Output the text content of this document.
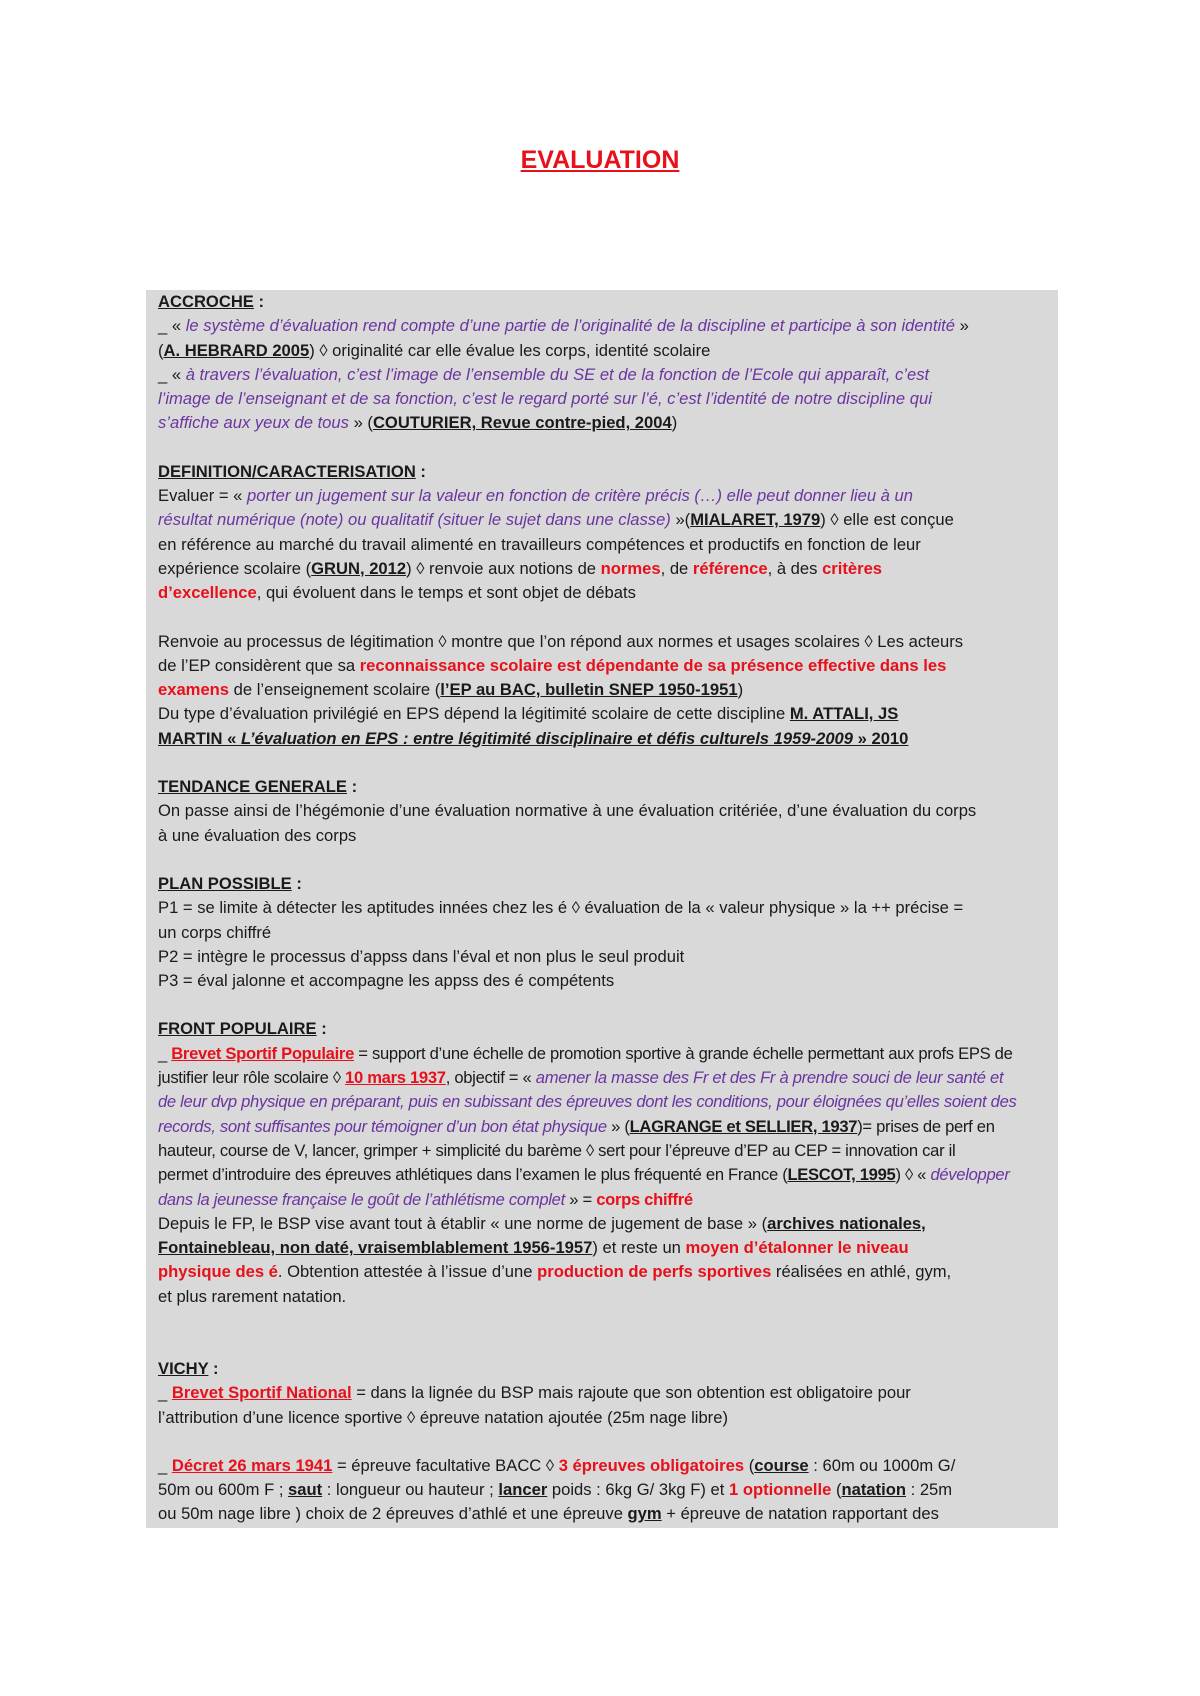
EVALUATION

ACCROCHE :

_ « le système d’évaluation rend compte d’une partie de l’originalité de la discipline et participe à son identité »

(A. HEBRARD 2005) ◊ originalité car elle évalue les corps, identité scolaire

_ « à travers l’évaluation, c’est l’image de l’ensemble du SE et de la fonction de l’Ecole qui apparaît, c’est

l’image de l’enseignant et de sa fonction, c’est le regard porté sur l’é, c’est l’identité de notre discipline qui

s’affiche aux yeux de tous » (COUTURIER, Revue contre-pied, 2004)

DEFINITION/CARACTERISATION :

Evaluer = « porter un jugement sur la valeur en fonction de critère précis (…) elle peut donner lieu à un

résultat numérique (note) ou qualitatif (situer le sujet dans une classe) »(MIALARET, 1979) ◊ elle est conçue

en référence au marché du travail alimenté en travailleurs compétences et productifs en fonction de leur

expérience scolaire (GRUN, 2012) ◊ renvoie aux notions de normes, de référence, à des critères

d’excellence, qui évoluent dans le temps et sont objet de débats

Renvoie au processus de légitimation ◊ montre que l’on répond aux normes et usages scolaires ◊ Les acteurs

de l’EP considèrent que sa reconnaissance scolaire est dépendante de sa présence effective dans les

examens de l’enseignement scolaire (l’EP au BAC, bulletin SNEP 1950-1951)

Du type d’évaluation privilégié en EPS dépend la légitimité scolaire de cette discipline M. ATTALI, JS

MARTIN « L’évaluation en EPS : entre légitimité disciplinaire et défis culturels 1959-2009 » 2010

TENDANCE GENERALE :

On passe ainsi de l’hégémonie d’une évaluation normative à une évaluation critériée, d’une évaluation du corps

à une évaluation des corps

PLAN POSSIBLE :

P1 = se limite à détecter les aptitudes innées chez les é ◊ évaluation de la « valeur physique » la ++ précise =

un corps chiffré

P2 = intègre le processus d’appss dans l’éval et non plus le seul produit

P3 = éval jalonne et accompagne les appss des é compétents

FRONT POPULAIRE :

_ Brevet Sportif Populaire = support d’une échelle de promotion sportive à grande échelle permettant aux profs EPS de

justifier leur rôle scolaire ◊ 10 mars 1937, objectif = « amener la masse des Fr et des Fr à prendre souci de leur santé et

de leur dvp physique en préparant, puis en subissant des épreuves dont les conditions, pour éloignées qu’elles soient des

records, sont suffisantes pour témoigner d’un bon état physique » (LAGRANGE et SELLIER, 1937)= prises de perf en

hauteur, course de V, lancer, grimper + simplicité du barème ◊ sert pour l’épreuve d’EP au CEP = innovation car il

permet d’introduire des épreuves athlétiques dans l’examen le plus fréquenté en France (LESCOT, 1995) ◊ « développer

dans la jeunesse française le goût de l’athlétisme complet » = corps chiffré

Depuis le FP, le BSP vise avant tout à établir « une norme de jugement de base » (archives nationales,

Fontainebleau, non daté, vraisemblablement 1956-1957) et reste un moyen d’étalonner le niveau

physique des é. Obtention attestée à l’issue d’une production de perfs sportives réalisées en athlé, gym,

et plus rarement natation.

VICHY :

_ Brevet Sportif National = dans la lignée du BSP mais rajoute que son obtention est obligatoire pour

l’attribution d’une licence sportive ◊ épreuve natation ajoutée (25m nage libre)

_ Décret 26 mars 1941 = épreuve facultative BACC ◊ 3 épreuves obligatoires (course : 60m ou 1000m G/

50m ou 600m F ; saut : longueur ou hauteur ; lancer poids : 6kg G/ 3kg F) et 1 optionnelle (natation : 25m

ou 50m nage libre ) choix de 2 épreuves d’athlé et une épreuve gym + épreuve de natation rapportant des
